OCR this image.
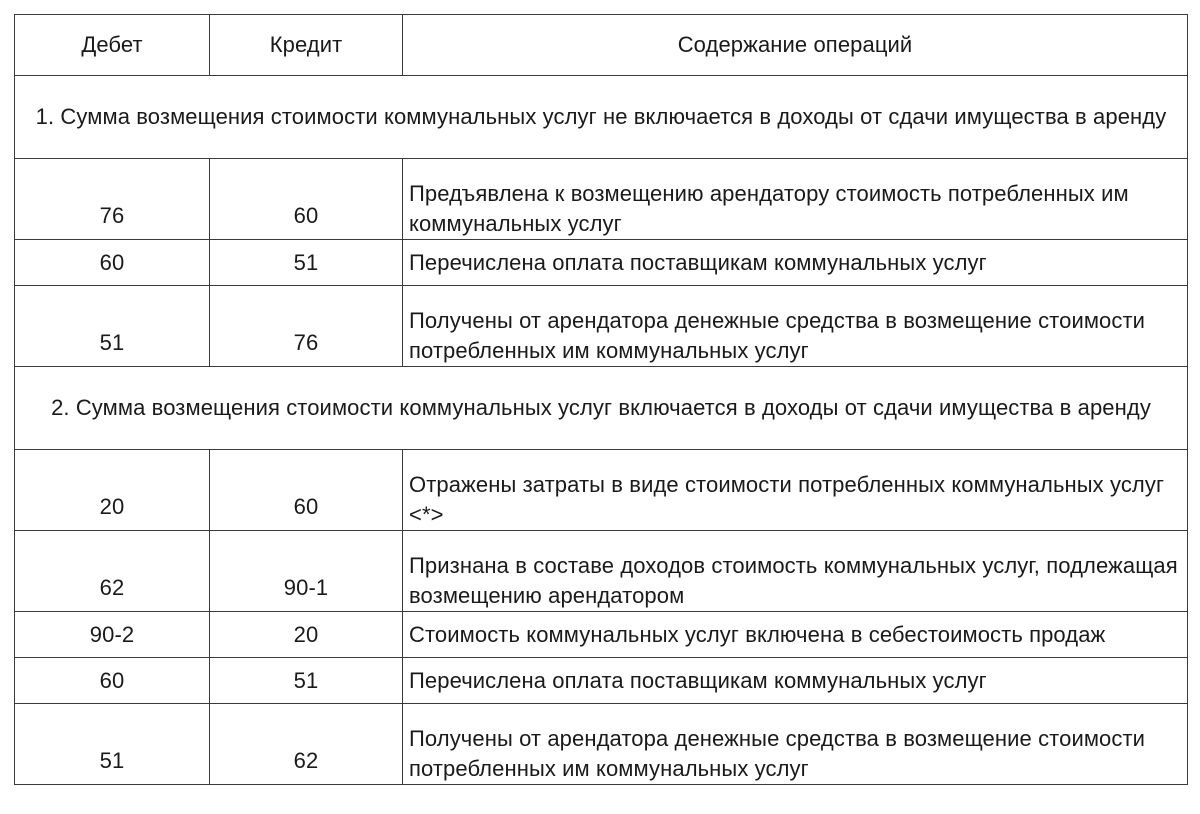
Дебет	Кредит	Содержание операций
1. Сумма возмещения стоимости коммунальных услуг не включается в доходы от сдачи имущества в аренду		
76	60	Предъявлена к возмещению арендатору стоимость потребленных им коммунальных услуг
60	51	Перечислена оплата поставщикам коммунальных услуг
51	76	Получены от арендатора денежные средства в возмещение стоимости потребленных им коммунальных услуг
2. Сумма возмещения стоимости коммунальных услуг включается в доходы от сдачи имущества в аренду		
20	60	Отражены затраты в виде стоимости потребленных коммунальных услуг <*>
62	90-1	Признана в составе доходов стоимость коммунальных услуг, подлежащая возмещению арендатором
90-2	20	Стоимость коммунальных услуг включена в себестоимость продаж
60	51	Перечислена оплата поставщикам коммунальных услуг
51	62	Получены от арендатора денежные средства в возмещение стоимости потребленных им коммунальных услуг
